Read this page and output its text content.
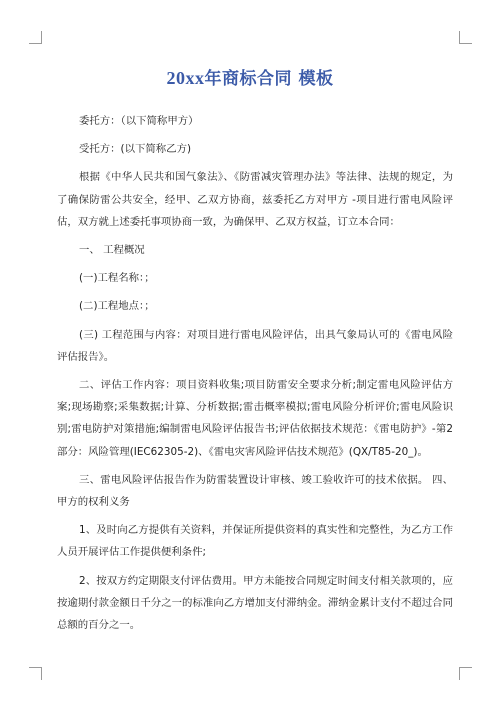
20xx年商标合同 模板

委托方：（以下简称甲方）

受托方：(以下简称乙方)

根据《中华人民共和国气象法》、《防雷减灾管理办法》等法律、法规的规定，为了确保防雷公共安全，经甲、乙双方协商，兹委托乙方对甲方 -项目进行雷电风险评估，双方就上述委托事项协商一致，为确保甲、乙双方权益，订立本合同：

一、 工程概况

(一)工程名称：；

(二)工程地点：；

(三) 工程范围与内容：对项目进行雷电风险评估，出具气象局认可的《雷电风险评估报告》。

二、评估工作内容：项目资料收集;项目防雷安全要求分析;制定雷电风险评估方案;现场勘察;采集数据;计算、分析数据;雷击概率模拟;雷电风险分析评价;雷电风险识别;雷电防护对策措施;编制雷电风险评估报告书;评估依据技术规范：《雷电防护》-第2 部分：风险管理(IEC62305-2)、《雷电灾害风险评估技术规范》(QX/T85-20_)。

三、雷电风险评估报告作为防雷装置设计审核、竣工验收许可的技术依据。 四、甲方的权利义务

1、及时向乙方提供有关资料，并保证所提供资料的真实性和完整性，为乙方工作人员开展评估工作提供便利条件;

2、按双方约定期限支付评估费用。甲方未能按合同规定时间支付相关款项的，应按逾期付款金额日千分之一的标准向乙方增加支付滞纳金。滞纳金累计支付不超过合同总额的百分之一。
